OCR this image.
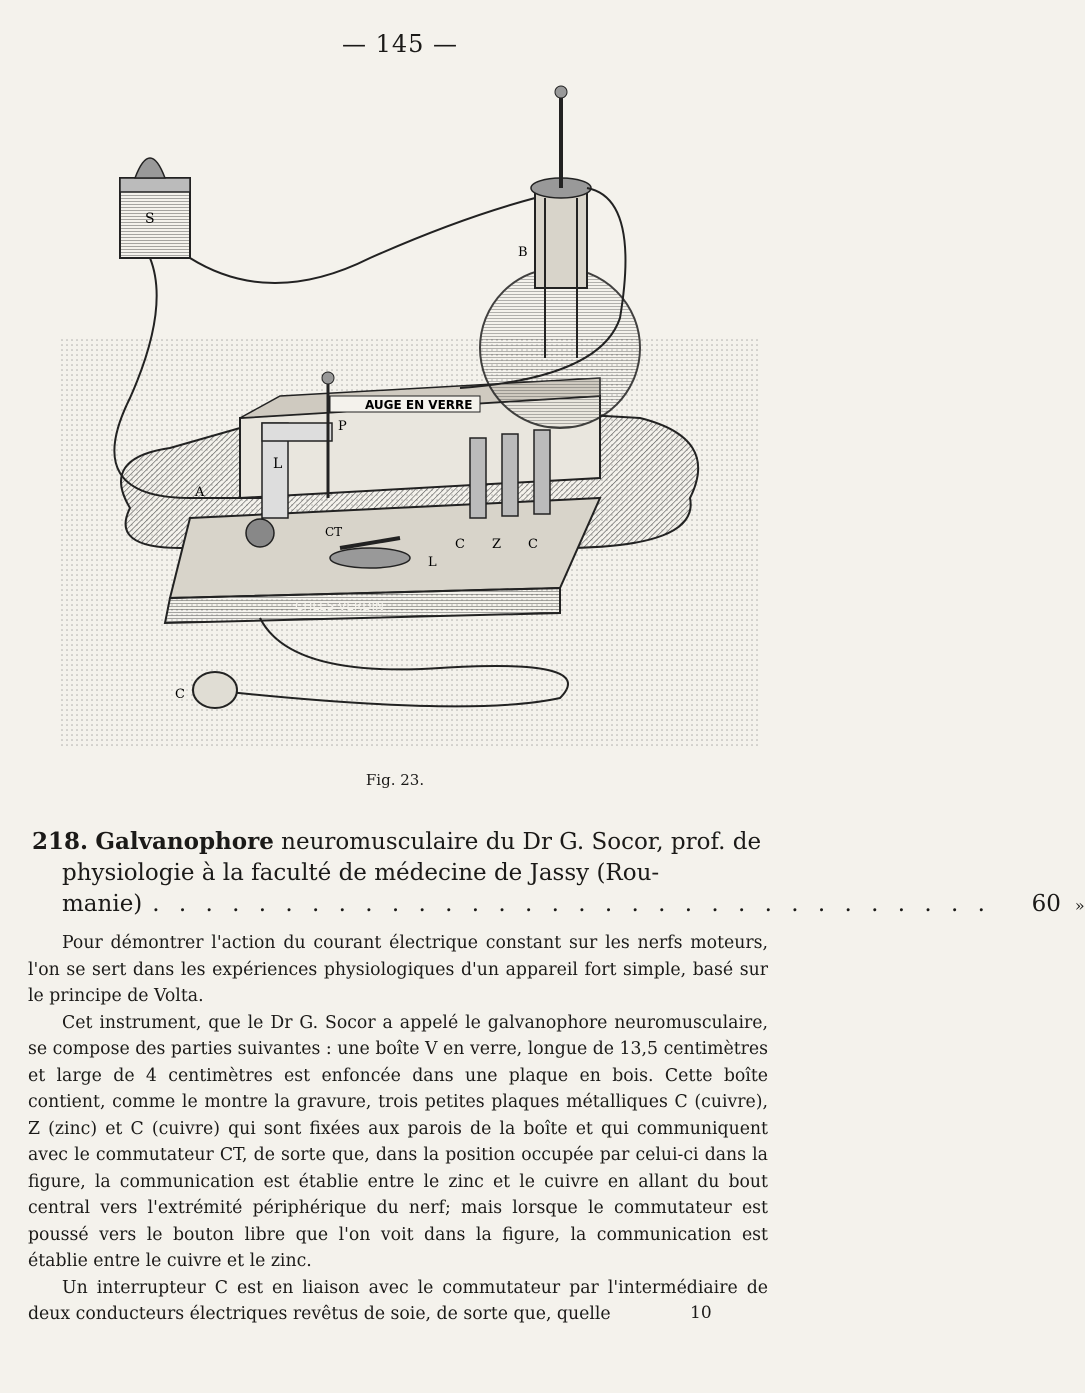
— 145 —
S
B
AUGE EN VERRE
P
L
A
CT
C Z C
L
CHLES VERDIN
C
Fig. 23.
218. Galvanophore neuromusculaire du Dr G. Socor, prof. de
physiologie à la faculté de médecine de Jassy (Rou-
manie) . . . . . . . . . . . . . . . . . . . . . . . . . . . . . . . .	60 »

Pour démontrer l'action du courant électrique constant sur les nerfs moteurs, l'on se sert dans les expériences physiologiques d'un appareil fort simple, basé sur le principe de Volta.

Cet instrument, que le Dr G. Socor a appelé le galvanophore neuromusculaire, se compose des parties suivantes : une boîte V en verre, longue de 13,5 centimètres et large de 4 centimètres est enfoncée dans une plaque en bois. Cette boîte contient, comme le montre la gravure, trois petites plaques métalliques C (cuivre), Z (zinc) et C (cuivre) qui sont fixées aux parois de la boîte et qui communiquent avec le commutateur CT, de sorte que, dans la position occupée par celui-ci dans la figure, la communication est établie entre le zinc et le cuivre en allant du bout central vers l'extrémité périphérique du nerf; mais lorsque le commutateur est poussé vers le bouton libre que l'on voit dans la figure, la communication est établie entre le cuivre et le zinc.

Un interrupteur C est en liaison avec le commutateur par l'intermédiaire de deux conducteurs électriques revêtus de soie, de sorte que, quelle	10
